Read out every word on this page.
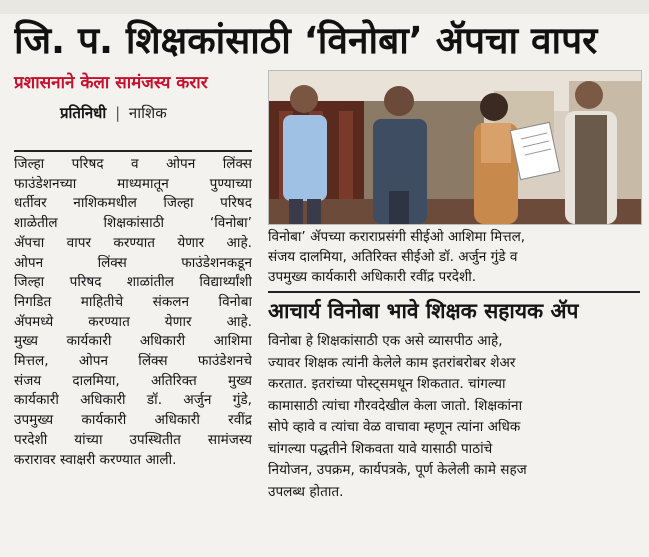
जि. प. शिक्षकांसाठी ‘विनोबा’ ॲपचा वापर
प्रशासनाने केला सामंजस्य करार
प्रतिनिधी | नाशिक
जिल्हा परिषद व ओपन लिंक्स
फाउंडेशनच्या माध्यमातून पुण्याच्या
धर्तीवर नाशिकमधील जिल्हा परिषद
शाळेतील शिक्षकांसाठी ‘विनोबा’
ॲपचा वापर करण्यात येणार आहे.
ओपन लिंक्स फाउंडेशनकडून
जिल्हा परिषद शाळांतील विद्यार्थ्यांशी
निगडित माहितीचे संकलन विनोबा
ॲपमध्ये करण्यात येणार आहे.
मुख्य कार्यकारी अधिकारी आशिमा
मित्तल, ओपन लिंक्स फाउंडेशनचे
संजय दालमिया, अतिरिक्त मुख्य
कार्यकारी अधिकारी डॉ. अर्जुन गुंडे,
उपमुख्य कार्यकारी अधिकारी रवींद्र
परदेशी यांच्या उपस्थितीत सामंजस्य
करारावर स्वाक्षरी करण्यात आली.
विनोबा’ ॲपच्या कराराप्रसंगी सीईओ आशिमा मित्तल,
संजय दालमिया, अतिरिक्त सीईओ डॉ. अर्जुन गुंडे व
उपमुख्य कार्यकारी अधिकारी रवींद्र परदेशी.
आचार्य विनोबा भावे शिक्षक सहायक ॲप
विनोबा हे शिक्षकांसाठी एक असे व्यासपीठ आहे,
ज्यावर शिक्षक त्यांनी केलेले काम इतरांबरोबर शेअर
करतात. इतरांच्या पोस्ट्समधून शिकतात. चांगल्या
कामासाठी त्यांचा गौरवदेखील केला जातो. शिक्षकांना
सोपे व्हावे व त्यांचा वेळ वाचावा म्हणून त्यांना अधिक
चांगल्या पद्धतीने शिकवता यावे यासाठी पाठांचे
नियोजन, उपक्रम, कार्यपत्रके, पूर्ण केलेली कामे सहज
उपलब्ध होतात.
